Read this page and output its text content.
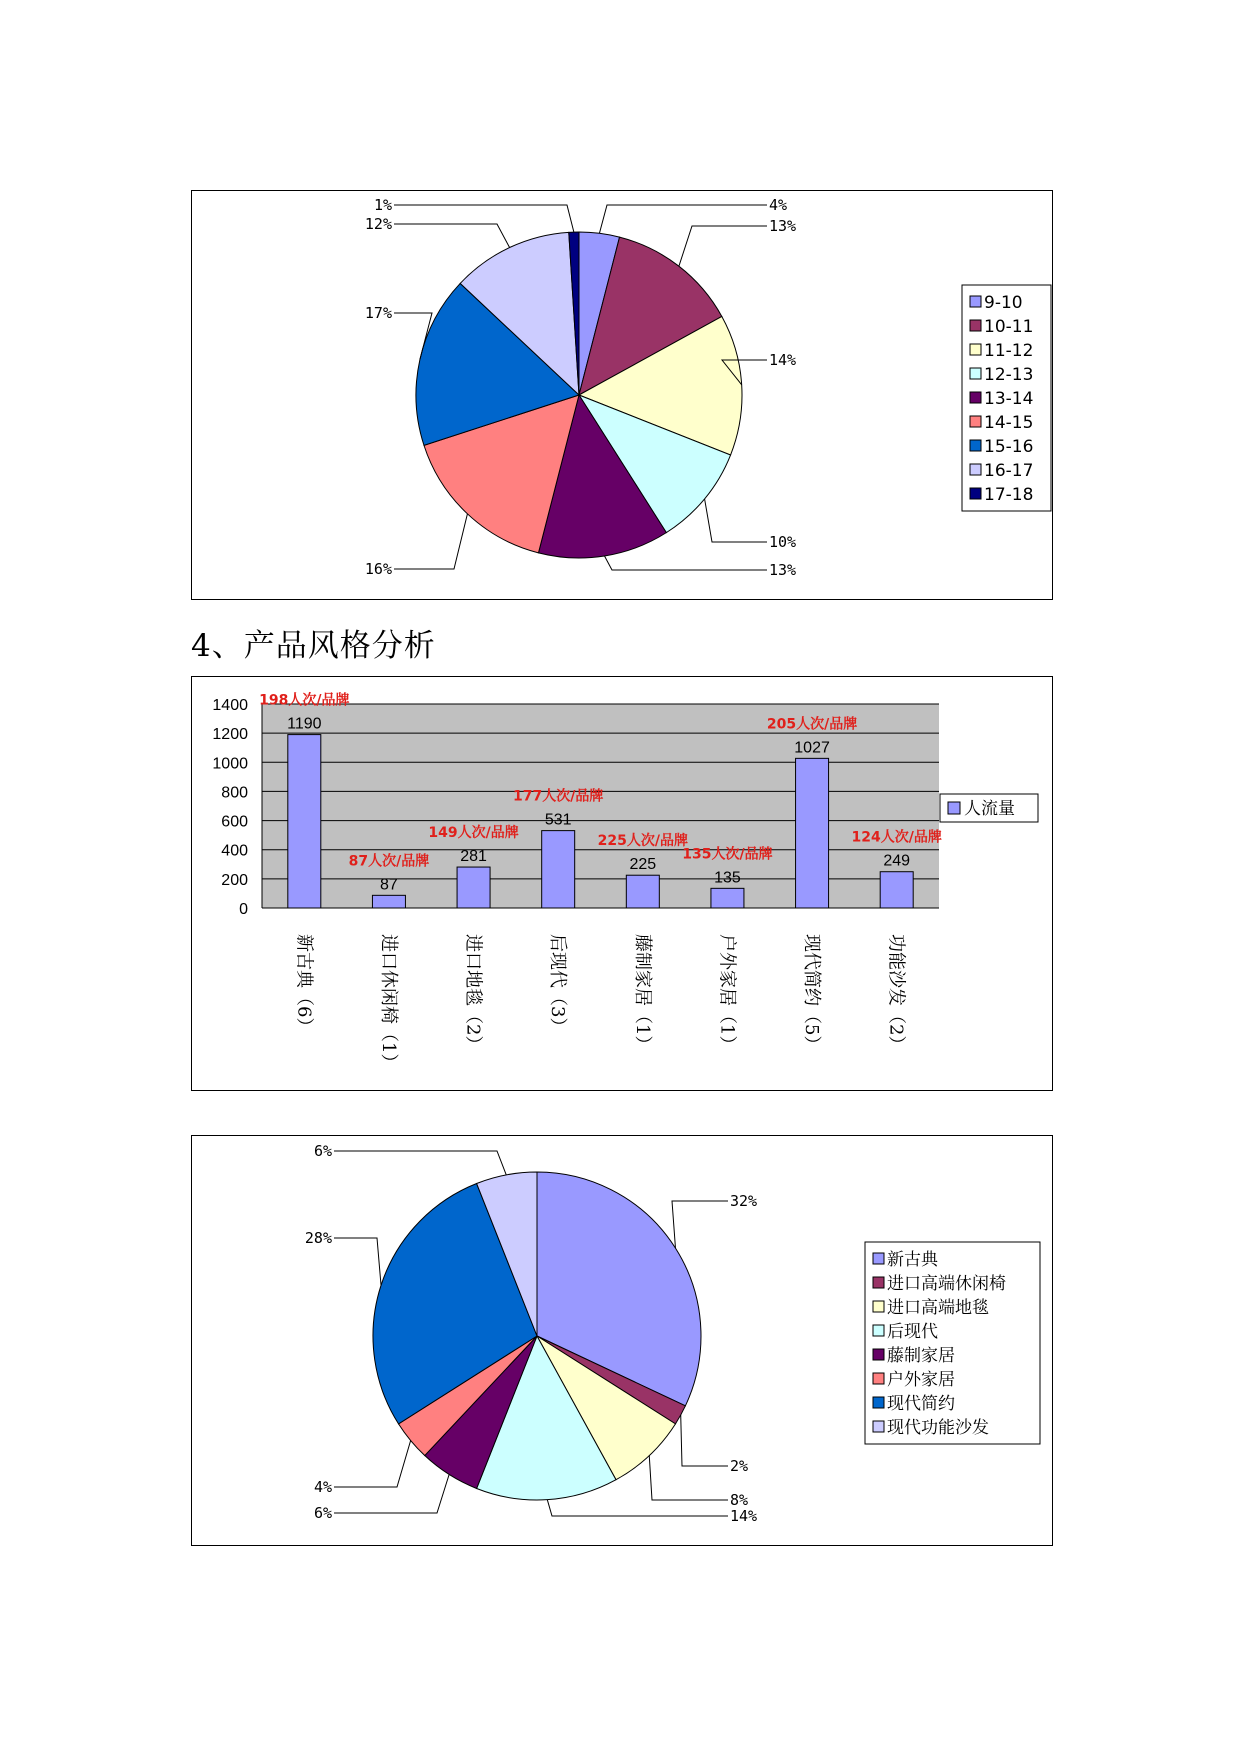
4%
13%
14%
10%
13%
16%
17%
12%
1%
9-10
10-11
11-12
12-13
13-14
14-15
15-16
16-17
17-18
4、产品风格分析
0
200
400
600
800
1000
1200
1400
1190
198人次/品牌
新古典（6）
87
87人次/品牌
进口休闲椅（1）
281
149人次/品牌
进口地毯（2）
531
177人次/品牌
后现代（3）
225
225人次/品牌
藤制家居（1）
135
135人次/品牌
户外家居（1）
1027
205人次/品牌
现代简约（5）
249
124人次/品牌
功能沙发（2）
人流量
32%
2%
8%
14%
6%
4%
28%
6%
新古典
进口高端休闲椅
进口高端地毯
后现代
藤制家居
户外家居
现代简约
现代功能沙发
